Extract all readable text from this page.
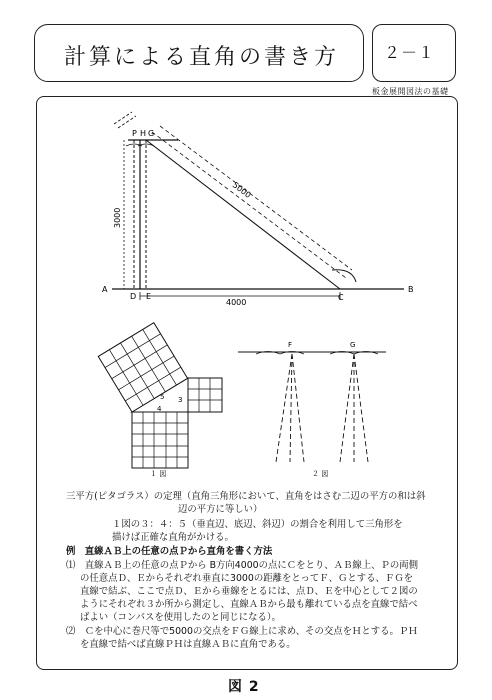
計算による直角の書き方	２－１
板金展開図法の基礎
A	B
C
D E
P H G
3000
5000
4000
5 3
4
１ 図
F	G
２ 図
三平方(ピタゴラス）の定理（直角三角形において、直角をはさむ二辺の平方の和は斜
辺の平方に等しい）
１図の３：４：５（垂直辺、底辺、斜辺）の割合を利用して三角形を
描けば正確な直角がかける。
例　直線ＡＢ上の任意の点Ｐから直角を書く方法
⑴　直線ＡＢ上の任意の点Ｐから B方向4000の点にＣをとり、ＡＢ線上、Ｐの両側
の任意点Ｄ、Ｅからそれぞれ垂直に3000の距離をとってＦ、Ｇとする、ＦＧを
直線で結ぶ、ここで点Ｄ、Ｅから垂線をとるには、点Ｄ、Ｅを中心として２図の
ようにそれぞれ３か所から測定し、直線ＡＢから最も離れている点を直線で結べ
ばよい（コンパスを使用したのと同じになる）。
⑵　Ｃを中心に巻尺等で5000の交点をＦＧ線上に求め、その交点をＨとする。ＰＨ
を直線で結べば直線ＰＨは直線ＡＢに直角である。
図 2
